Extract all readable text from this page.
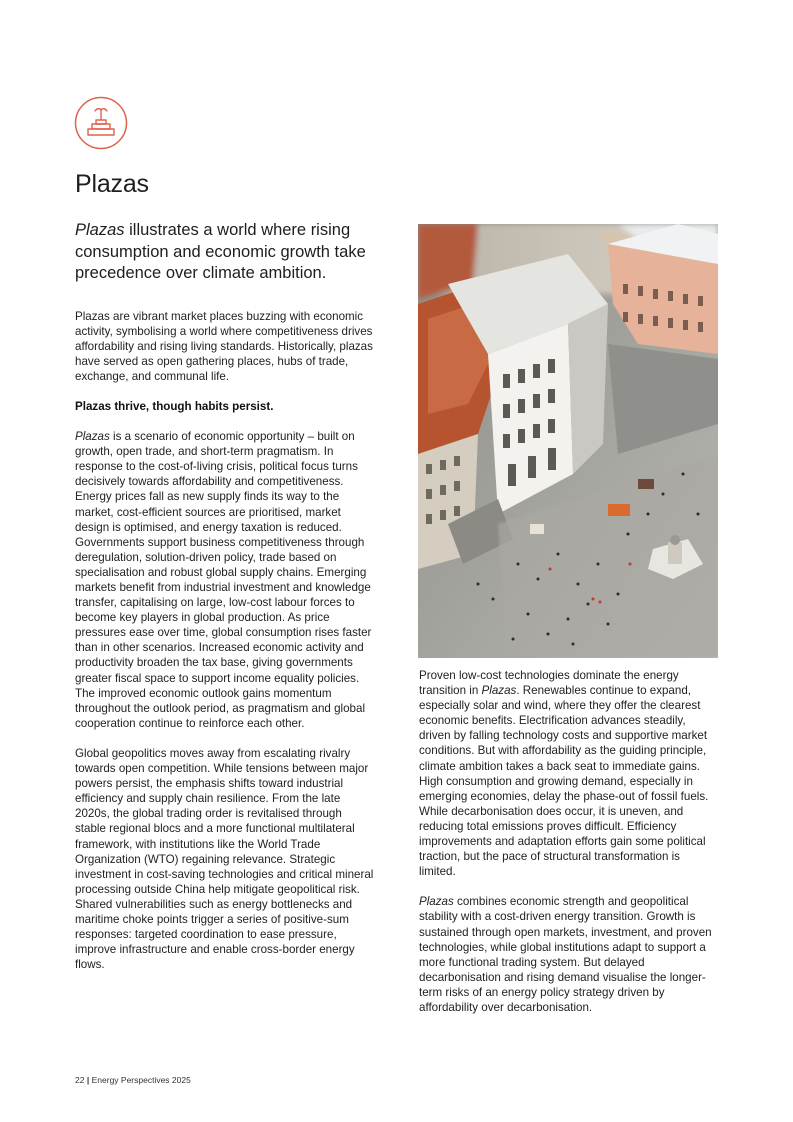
Plazas

Plazas illustrates a world where rising consumption and economic growth take precedence over climate ambition.

Plazas are vibrant market places buzzing with economic activity, symbolising a world where competitiveness drives affordability and rising living standards. Historically, plazas have served as open gathering places, hubs of trade, exchange, and communal life.

Plazas thrive, though habits persist.

Plazas is a scenario of economic opportunity – built on growth, open trade, and short-term pragmatism. In response to the cost-of-living crisis, political focus turns decisively towards affordability and competitiveness. Energy prices fall as new supply finds its way to the market, cost-efficient sources are prioritised, market design is optimised, and energy taxation is reduced. Governments support business competitiveness through deregulation, solution-driven policy, trade based on specialisation and robust global supply chains. Emerging markets benefit from industrial investment and knowledge transfer, capitalising on large, low-cost labour forces to become key players in global production. As price pressures ease over time, global consumption rises faster than in other scenarios. Increased economic activity and productivity broaden the tax base, giving governments greater fiscal space to support income equality policies. The improved economic outlook gains momentum throughout the outlook period, as pragmatism and global cooperation continue to reinforce each other.

Global geopolitics moves away from escalating rivalry towards open competition. While tensions between major powers persist, the emphasis shifts toward industrial efficiency and supply chain resilience. From the late 2020s, the global trading order is revitalised through stable regional blocs and a more functional multilateral framework, with institutions like the World Trade Organization (WTO) regaining relevance. Strategic investment in cost-saving technologies and critical mineral processing outside China help mitigate geopolitical risk. Shared vulnerabilities such as energy bottlenecks and maritime choke points trigger a series of positive-sum responses: targeted coordination to ease pressure, improve infrastructure and enable cross-border energy flows.

Proven low-cost technologies dominate the energy transition in Plazas. Renewables continue to expand, especially solar and wind, where they offer the clearest economic benefits. Electrification advances steadily, driven by falling technology costs and supportive market conditions. But with affordability as the guiding principle, climate ambition takes a back seat to immediate gains. High consumption and growing demand, especially in emerging economies, delay the phase-out of fossil fuels. While decarbonisation does occur, it is uneven, and reducing total emissions proves difficult. Efficiency improvements and adaptation efforts gain some political traction, but the pace of structural transformation is limited.

Plazas combines economic strength and geopolitical stability with a cost-driven energy transition. Growth is sustained through open markets, investment, and proven technologies, while global institutions adapt to support a more functional trading system. But delayed decarbonisation and rising demand visualise the longer-term risks of an energy policy strategy driven by affordability over decarbonisation.

22 | Energy Perspectives 2025
